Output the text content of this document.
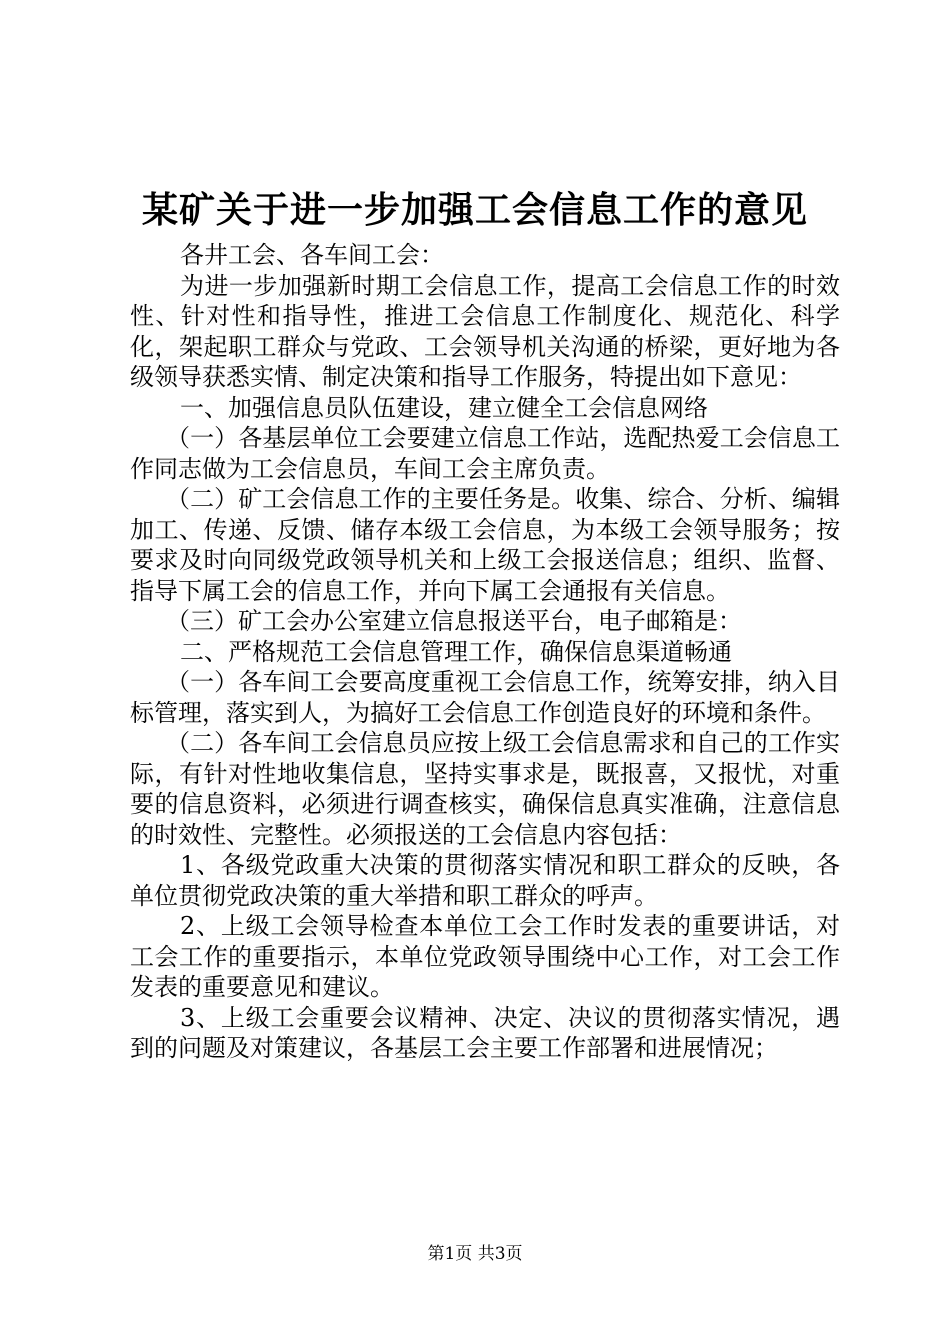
某矿关于进一步加强工会信息工作的意见

各井工会、各车间工会：

为进一步加强新时期工会信息工作，提高工会信息工作的时效性、针对性和指导性，推进工会信息工作制度化、规范化、科学化，架起职工群众与党政、工会领导机关沟通的桥梁，更好地为各级领导获悉实情、制定决策和指导工作服务，特提出如下意见：

一、加强信息员队伍建设，建立健全工会信息网络

（一）各基层单位工会要建立信息工作站，选配热爱工会信息工作同志做为工会信息员，车间工会主席负责。

（二）矿工会信息工作的主要任务是。收集、综合、分析、编辑加工、传递、反馈、储存本级工会信息，为本级工会领导服务；按要求及时向同级党政领导机关和上级工会报送信息；组织、监督、指导下属工会的信息工作，并向下属工会通报有关信息。

（三）矿工会办公室建立信息报送平台，电子邮箱是：

二、严格规范工会信息管理工作，确保信息渠道畅通

（一）各车间工会要高度重视工会信息工作，统筹安排，纳入目标管理，落实到人，为搞好工会信息工作创造良好的环境和条件。

（二）各车间工会信息员应按上级工会信息需求和自己的工作实际，有针对性地收集信息，坚持实事求是，既报喜，又报忧，对重要的信息资料，必须进行调查核实，确保信息真实准确，注意信息的时效性、完整性。必须报送的工会信息内容包括：

1、各级党政重大决策的贯彻落实情况和职工群众的反映，各单位贯彻党政决策的重大举措和职工群众的呼声。

2、上级工会领导检查本单位工会工作时发表的重要讲话，对工会工作的重要指示，本单位党政领导围绕中心工作，对工会工作发表的重要意见和建议。

3、上级工会重要会议精神、决定、决议的贯彻落实情况，遇到的问题及对策建议，各基层工会主要工作部署和进展情况；

第1页 共3页
